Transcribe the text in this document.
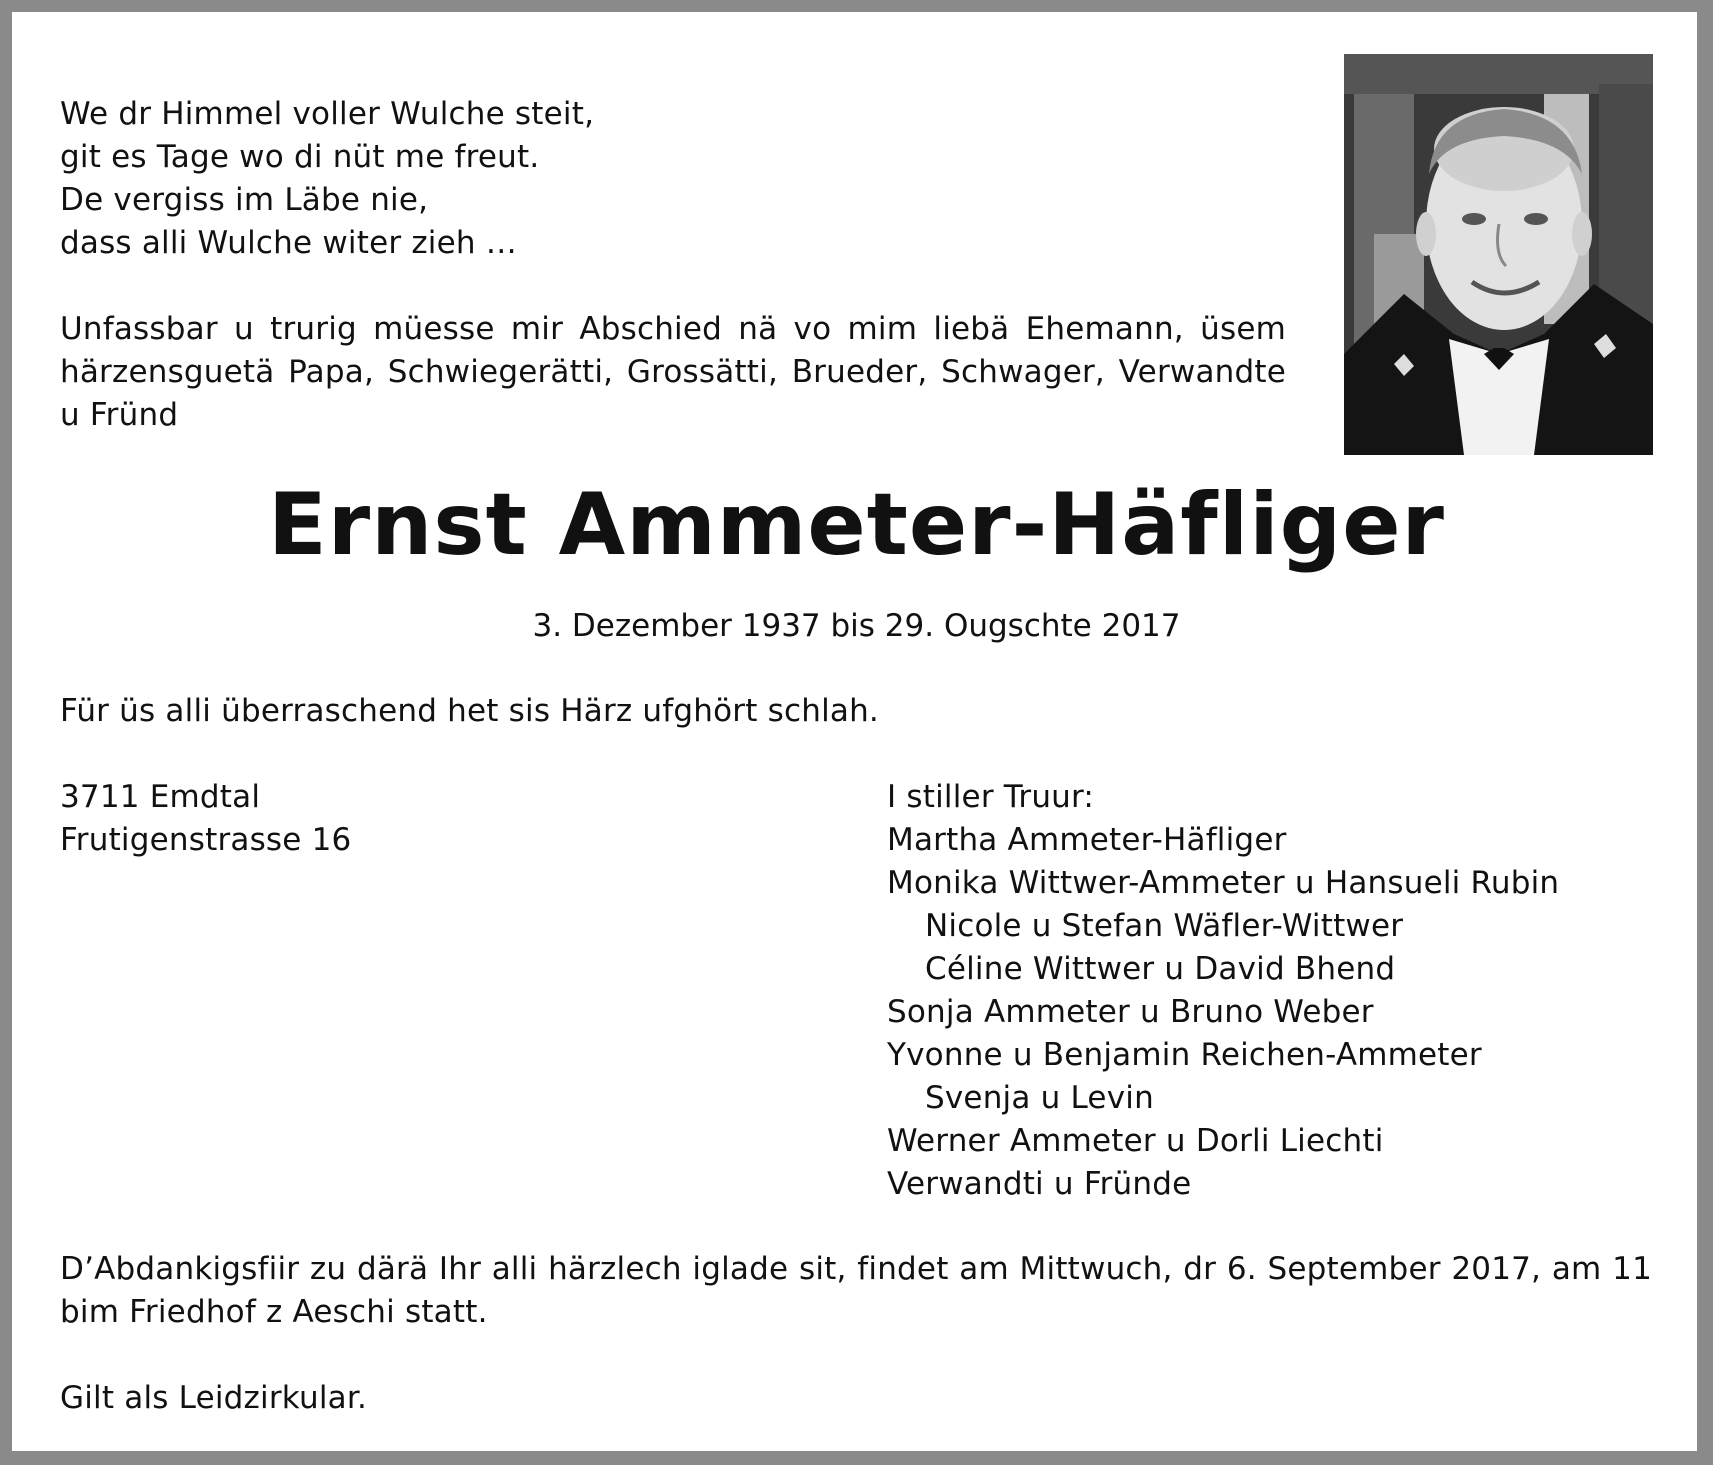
We dr Himmel voller Wulche steit,
git es Tage wo di nüt me freut.
De vergiss im Läbe nie,
dass alli Wulche witer zieh …
Unfassbar u trurig müesse mir Abschied nä vo mim liebä Ehemann, üsem härzensguetä Papa, Schwiegerätti, Grossätti, Brueder, Schwager, Verwandte u Fründ
Ernst Ammeter-Häfliger
3. Dezember 1937 bis 29. Ougschte 2017
Für üs alli überraschend het sis Härz ufghört schlah.
3711 Emdtal
Frutigenstrasse 16
I stiller Truur:
Martha Ammeter-Häfliger
Monika Wittwer-Ammeter u Hansueli Rubin
Nicole u Stefan Wäfler-Wittwer
Céline Wittwer u David Bhend
Sonja Ammeter u Bruno Weber
Yvonne u Benjamin Reichen-Ammeter
Svenja u Levin
Werner Ammeter u Dorli Liechti
Verwandti u Fründe
D’Abdankigsfiir zu därä Ihr alli härzlech iglade sit, findet am Mittwuch, dr 6. September 2017, am 11 bim Friedhof z Aeschi statt.
Gilt als Leidzirkular.
